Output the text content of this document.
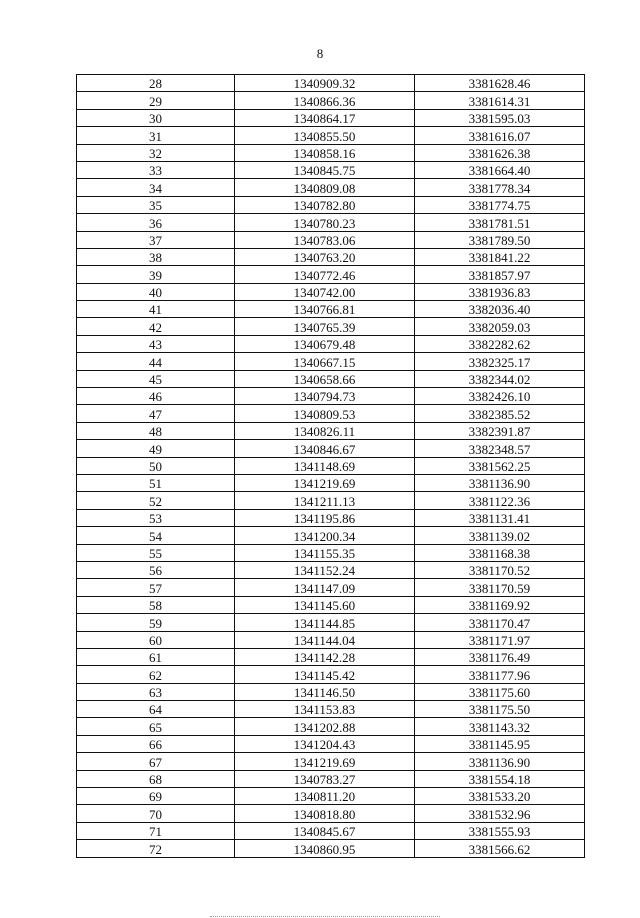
8
28	1340909.32	3381628.46
29	1340866.36	3381614.31
30	1340864.17	3381595.03
31	1340855.50	3381616.07
32	1340858.16	3381626.38
33	1340845.75	3381664.40
34	1340809.08	3381778.34
35	1340782.80	3381774.75
36	1340780.23	3381781.51
37	1340783.06	3381789.50
38	1340763.20	3381841.22
39	1340772.46	3381857.97
40	1340742.00	3381936.83
41	1340766.81	3382036.40
42	1340765.39	3382059.03
43	1340679.48	3382282.62
44	1340667.15	3382325.17
45	1340658.66	3382344.02
46	1340794.73	3382426.10
47	1340809.53	3382385.52
48	1340826.11	3382391.87
49	1340846.67	3382348.57
50	1341148.69	3381562.25
51	1341219.69	3381136.90
52	1341211.13	3381122.36
53	1341195.86	3381131.41
54	1341200.34	3381139.02
55	1341155.35	3381168.38
56	1341152.24	3381170.52
57	1341147.09	3381170.59
58	1341145.60	3381169.92
59	1341144.85	3381170.47
60	1341144.04	3381171.97
61	1341142.28	3381176.49
62	1341145.42	3381177.96
63	1341146.50	3381175.60
64	1341153.83	3381175.50
65	1341202.88	3381143.32
66	1341204.43	3381145.95
67	1341219.69	3381136.90
68	1340783.27	3381554.18
69	1340811.20	3381533.20
70	1340818.80	3381532.96
71	1340845.67	3381555.93
72	1340860.95	3381566.62
